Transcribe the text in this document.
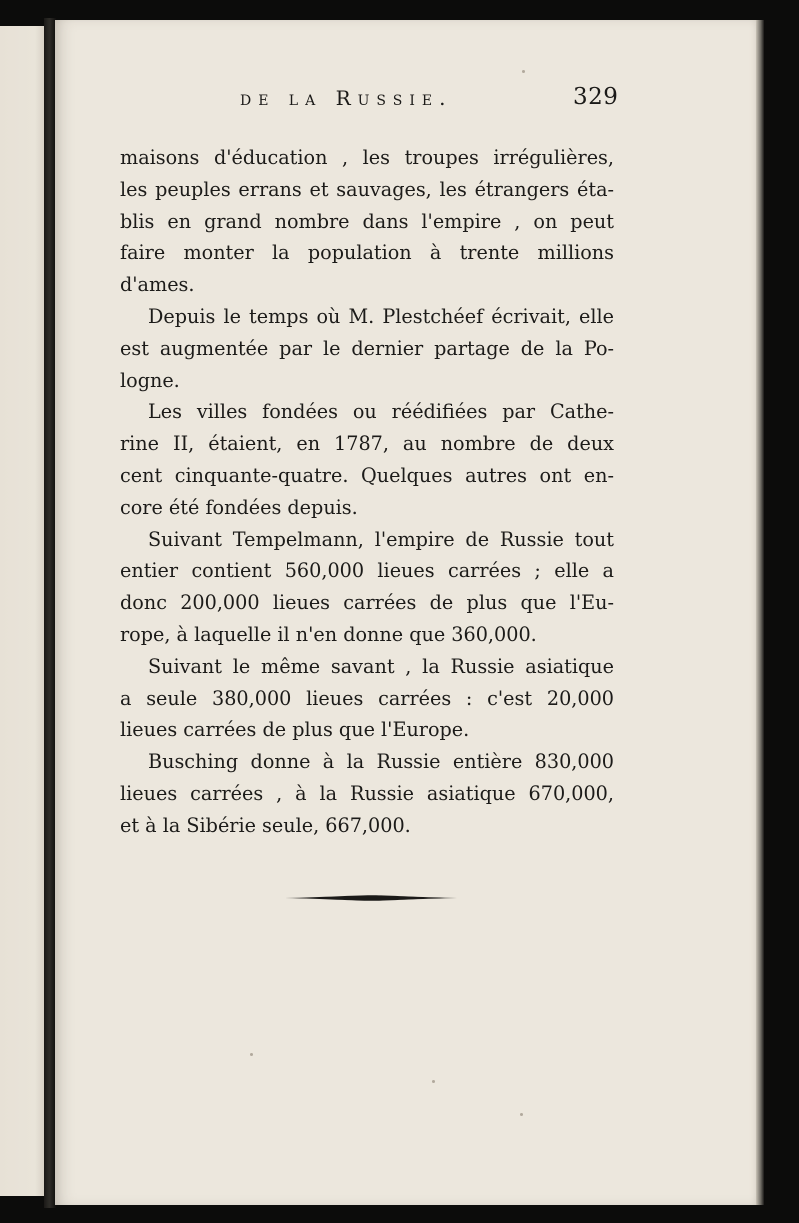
de la Russie.	329

maisons d'éducation , les troupes irrégulières,
les peuples errans et sauvages, les étrangers éta-
blis en grand nombre dans l'empire , on peut
faire monter la population à trente millions
d'ames.

Depuis le temps où M. Plestchéef écrivait, elle
est augmentée par le dernier partage de la Po-
logne.

Les villes fondées ou réédifiées par Cathe-
rine II, étaient, en 1787, au nombre de deux
cent cinquante-quatre. Quelques autres ont en-
core été fondées depuis.

Suivant Tempelmann, l'empire de Russie tout
entier contient 560,000 lieues carrées ; elle a
donc 200,000 lieues carrées de plus que l'Eu-
rope, à laquelle il n'en donne que 360,000.

Suivant le même savant , la Russie asiatique
a seule 380,000 lieues carrées : c'est 20,000
lieues carrées de plus que l'Europe.

Busching donne à la Russie entière 830,000
lieues carrées , à la Russie asiatique 670,000,
et à la Sibérie seule, 667,000.
